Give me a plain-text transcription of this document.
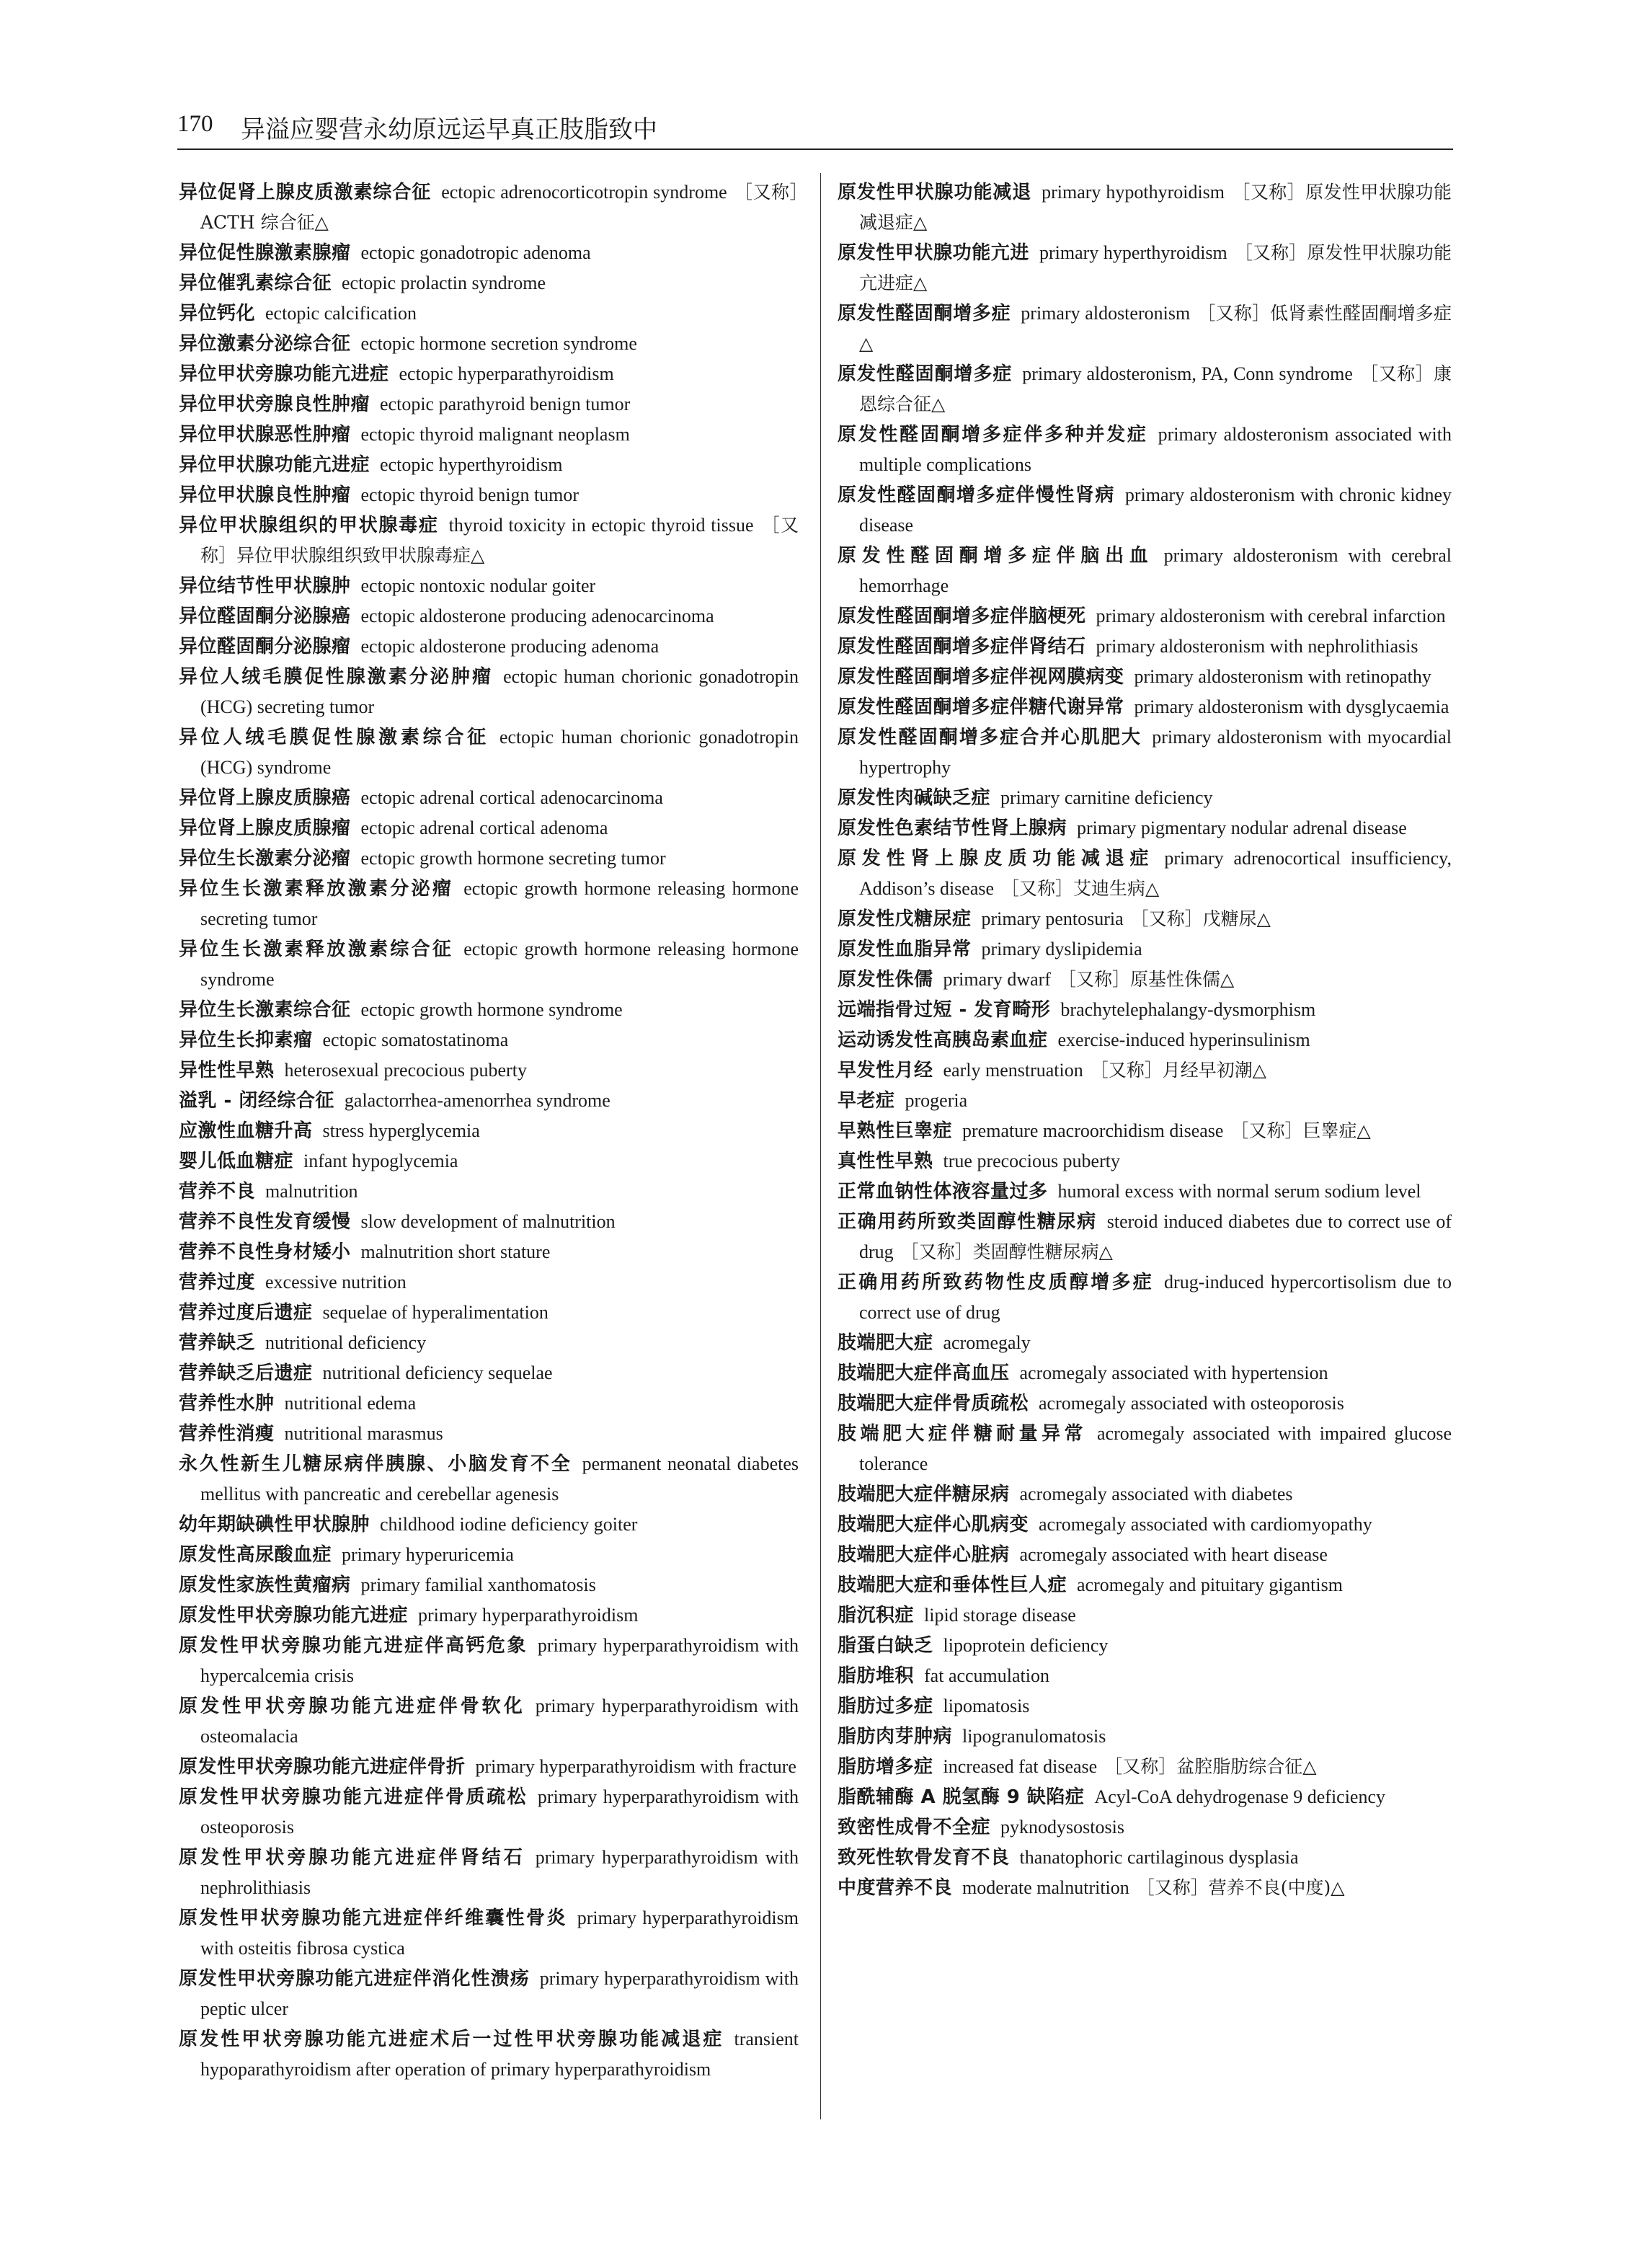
170 异溢应婴营永幼原远运早真正肢脂致中
异位促肾上腺皮质激素综合征 ectopic adrenocorticotropin syndrome ［又称］ACTH 综合征△
异位促性腺激素腺瘤 ectopic gonadotropic adenoma
异位催乳素综合征 ectopic prolactin syndrome
异位钙化 ectopic calcification
异位激素分泌综合征 ectopic hormone secretion syndrome
异位甲状旁腺功能亢进症 ectopic hyperparathyroidism
异位甲状旁腺良性肿瘤 ectopic parathyroid benign tumor
异位甲状腺恶性肿瘤 ectopic thyroid malignant neoplasm
异位甲状腺功能亢进症 ectopic hyperthyroidism
异位甲状腺良性肿瘤 ectopic thyroid benign tumor
异位甲状腺组织的甲状腺毒症 thyroid toxicity in ectopic thyroid tissue ［又称］异位甲状腺组织致甲状腺毒症△
异位结节性甲状腺肿 ectopic nontoxic nodular goiter
异位醛固酮分泌腺癌 ectopic aldosterone producing adenocarcinoma
异位醛固酮分泌腺瘤 ectopic aldosterone producing adenoma
异位人绒毛膜促性腺激素分泌肿瘤 ectopic human chorionic gonadotropin (HCG) secreting tumor
异位人绒毛膜促性腺激素综合征 ectopic human chorionic gonadotropin (HCG) syndrome
异位肾上腺皮质腺癌 ectopic adrenal cortical adenocarcinoma
异位肾上腺皮质腺瘤 ectopic adrenal cortical adenoma
异位生长激素分泌瘤 ectopic growth hormone secreting tumor
异位生长激素释放激素分泌瘤 ectopic growth hormone releasing hormone secreting tumor
异位生长激素释放激素综合征 ectopic growth hormone releasing hormone syndrome
异位生长激素综合征 ectopic growth hormone syndrome
异位生长抑素瘤 ectopic somatostatinoma
异性性早熟 heterosexual precocious puberty
溢乳 - 闭经综合征 galactorrhea-amenorrhea syndrome
应激性血糖升高 stress hyperglycemia
婴儿低血糖症 infant hypoglycemia
营养不良 malnutrition
营养不良性发育缓慢 slow development of malnutrition
营养不良性身材矮小 malnutrition short stature
营养过度 excessive nutrition
营养过度后遗症 sequelae of hyperalimentation
营养缺乏 nutritional deficiency
营养缺乏后遗症 nutritional deficiency sequelae
营养性水肿 nutritional edema
营养性消瘦 nutritional marasmus
永久性新生儿糖尿病伴胰腺、小脑发育不全 permanent neonatal diabetes mellitus with pancreatic and cerebellar agenesis
幼年期缺碘性甲状腺肿 childhood iodine deficiency goiter
原发性高尿酸血症 primary hyperuricemia
原发性家族性黄瘤病 primary familial xanthomatosis
原发性甲状旁腺功能亢进症 primary hyperparathyroidism
原发性甲状旁腺功能亢进症伴高钙危象 primary hyperparathyroidism with hypercalcemia crisis
原发性甲状旁腺功能亢进症伴骨软化 primary hyperparathyroidism with osteomalacia
原发性甲状旁腺功能亢进症伴骨折 primary hyperparathyroidism with fracture
原发性甲状旁腺功能亢进症伴骨质疏松 primary hyperparathyroidism with osteoporosis
原发性甲状旁腺功能亢进症伴肾结石 primary hyperparathyroidism with nephrolithiasis
原发性甲状旁腺功能亢进症伴纤维囊性骨炎 primary hyperparathyroidism with osteitis fibrosa cystica
原发性甲状旁腺功能亢进症伴消化性溃疡 primary hyperparathyroidism with peptic ulcer
原发性甲状旁腺功能亢进症术后一过性甲状旁腺功能减退症 transient hypoparathyroidism after operation of primary hyperparathyroidism
原发性甲状腺功能减退 primary hypothyroidism ［又称］原发性甲状腺功能减退症△
原发性甲状腺功能亢进 primary hyperthyroidism ［又称］原发性甲状腺功能亢进症△
原发性醛固酮增多症 primary aldosteronism ［又称］低肾素性醛固酮增多症△
原发性醛固酮增多症 primary aldosteronism, PA, Conn syndrome ［又称］康恩综合征△
原发性醛固酮增多症伴多种并发症 primary aldosteronism associated with multiple complications
原发性醛固酮增多症伴慢性肾病 primary aldosteronism with chronic kidney disease
原发性醛固酮增多症伴脑出血 primary aldosteronism with cerebral hemorrhage
原发性醛固酮增多症伴脑梗死 primary aldosteronism with cerebral infarction
原发性醛固酮增多症伴肾结石 primary aldosteronism with nephrolithiasis
原发性醛固酮增多症伴视网膜病变 primary aldosteronism with retinopathy
原发性醛固酮增多症伴糖代谢异常 primary aldosteronism with dysglycaemia
原发性醛固酮增多症合并心肌肥大 primary aldosteronism with myocardial hypertrophy
原发性肉碱缺乏症 primary carnitine deficiency
原发性色素结节性肾上腺病 primary pigmentary nodular adrenal disease
原发性肾上腺皮质功能减退症 primary adrenocortical insufficiency, Addison’s disease ［又称］艾迪生病△
原发性戊糖尿症 primary pentosuria ［又称］戊糖尿△
原发性血脂异常 primary dyslipidemia
原发性侏儒 primary dwarf ［又称］原基性侏儒△
远端指骨过短 - 发育畸形 brachytelephalangy-dysmorphism
运动诱发性高胰岛素血症 exercise-induced hyperinsulinism
早发性月经 early menstruation ［又称］月经早初潮△
早老症 progeria
早熟性巨睾症 premature macroorchidism disease ［又称］巨睾症△
真性性早熟 true precocious puberty
正常血钠性体液容量过多 humoral excess with normal serum sodium level
正确用药所致类固醇性糖尿病 steroid induced diabetes due to correct use of drug ［又称］类固醇性糖尿病△
正确用药所致药物性皮质醇增多症 drug-induced hypercortisolism due to correct use of drug
肢端肥大症 acromegaly
肢端肥大症伴高血压 acromegaly associated with hypertension
肢端肥大症伴骨质疏松 acromegaly associated with osteoporosis
肢端肥大症伴糖耐量异常 acromegaly associated with impaired glucose tolerance
肢端肥大症伴糖尿病 acromegaly associated with diabetes
肢端肥大症伴心肌病变 acromegaly associated with cardiomyopathy
肢端肥大症伴心脏病 acromegaly associated with heart disease
肢端肥大症和垂体性巨人症 acromegaly and pituitary gigantism
脂沉积症 lipid storage disease
脂蛋白缺乏 lipoprotein deficiency
脂肪堆积 fat accumulation
脂肪过多症 lipomatosis
脂肪肉芽肿病 lipogranulomatosis
脂肪增多症 increased fat disease ［又称］盆腔脂肪综合征△
脂酰辅酶 A 脱氢酶 9 缺陷症 Acyl-CoA dehydrogenase 9 deficiency
致密性成骨不全症 pyknodysostosis
致死性软骨发育不良 thanatophoric cartilaginous dysplasia
中度营养不良 moderate malnutrition ［又称］营养不良(中度)△
